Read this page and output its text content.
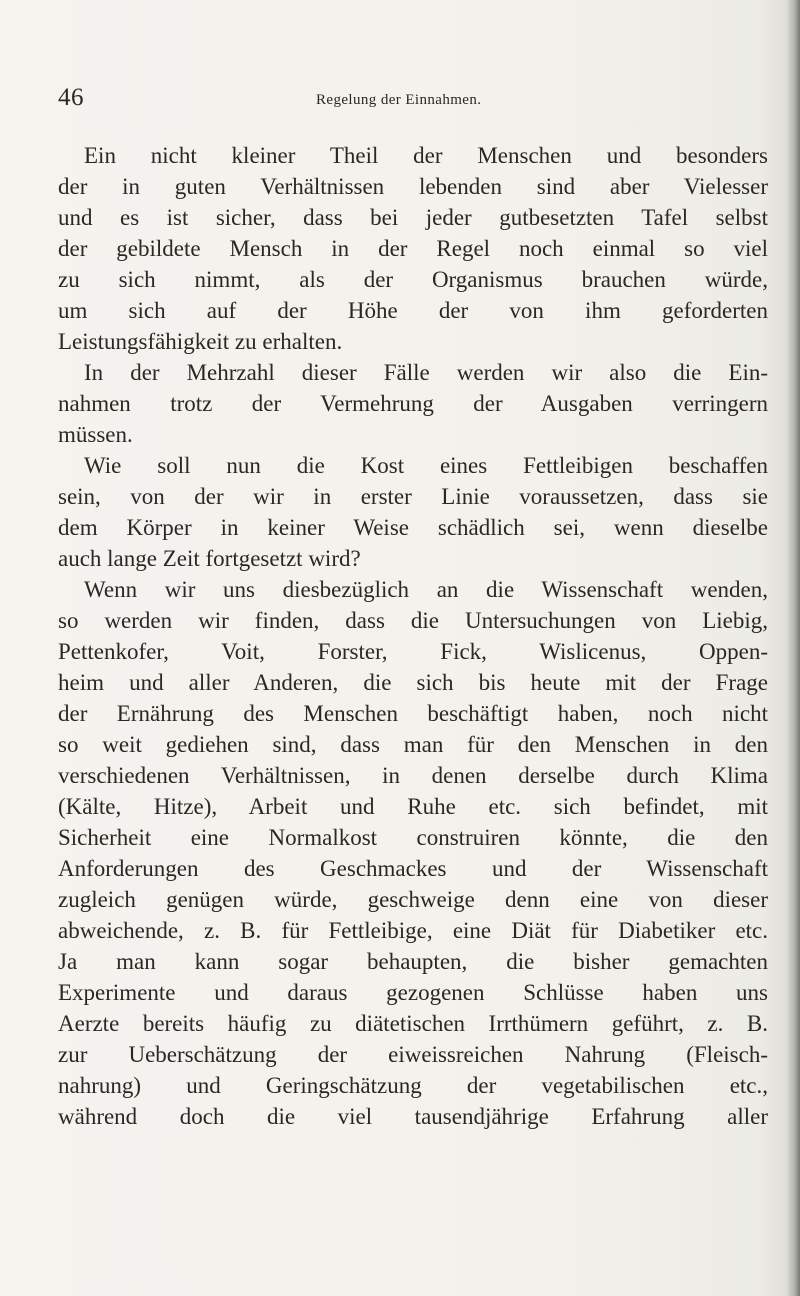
46	Regelung der Einnahmen.
Ein nicht kleiner Theil der Menschen und besonders
der in guten Verhältnissen lebenden sind aber Vielesser
und es ist sicher, dass bei jeder gutbesetzten Tafel selbst
der gebildete Mensch in der Regel noch einmal so viel
zu sich nimmt, als der Organismus brauchen würde,
um sich auf der Höhe der von ihm geforderten
Leistungsfähigkeit zu erhalten.
In der Mehrzahl dieser Fälle werden wir also die Ein-
nahmen trotz der Vermehrung der Ausgaben verringern
müssen.
Wie soll nun die Kost eines Fettleibigen beschaffen
sein, von der wir in erster Linie voraussetzen, dass sie
dem Körper in keiner Weise schädlich sei, wenn dieselbe
auch lange Zeit fortgesetzt wird?
Wenn wir uns diesbezüglich an die Wissenschaft wenden,
so werden wir finden, dass die Untersuchungen von Liebig,
Pettenkofer, Voit, Forster, Fick, Wislicenus, Oppen-
heim und aller Anderen, die sich bis heute mit der Frage
der Ernährung des Menschen beschäftigt haben, noch nicht
so weit gediehen sind, dass man für den Menschen in den
verschiedenen Verhältnissen, in denen derselbe durch Klima
(Kälte, Hitze), Arbeit und Ruhe etc. sich befindet, mit
Sicherheit eine Normalkost construiren könnte, die den
Anforderungen des Geschmackes und der Wissenschaft
zugleich genügen würde, geschweige denn eine von dieser
abweichende, z. B. für Fettleibige, eine Diät für Diabetiker etc.
Ja man kann sogar behaupten, die bisher gemachten
Experimente und daraus gezogenen Schlüsse haben uns
Aerzte bereits häufig zu diätetischen Irrthümern geführt, z. B.
zur Ueberschätzung der eiweissreichen Nahrung (Fleisch-
nahrung) und Geringschätzung der vegetabilischen etc.,
während doch die viel tausendjährige Erfahrung aller
